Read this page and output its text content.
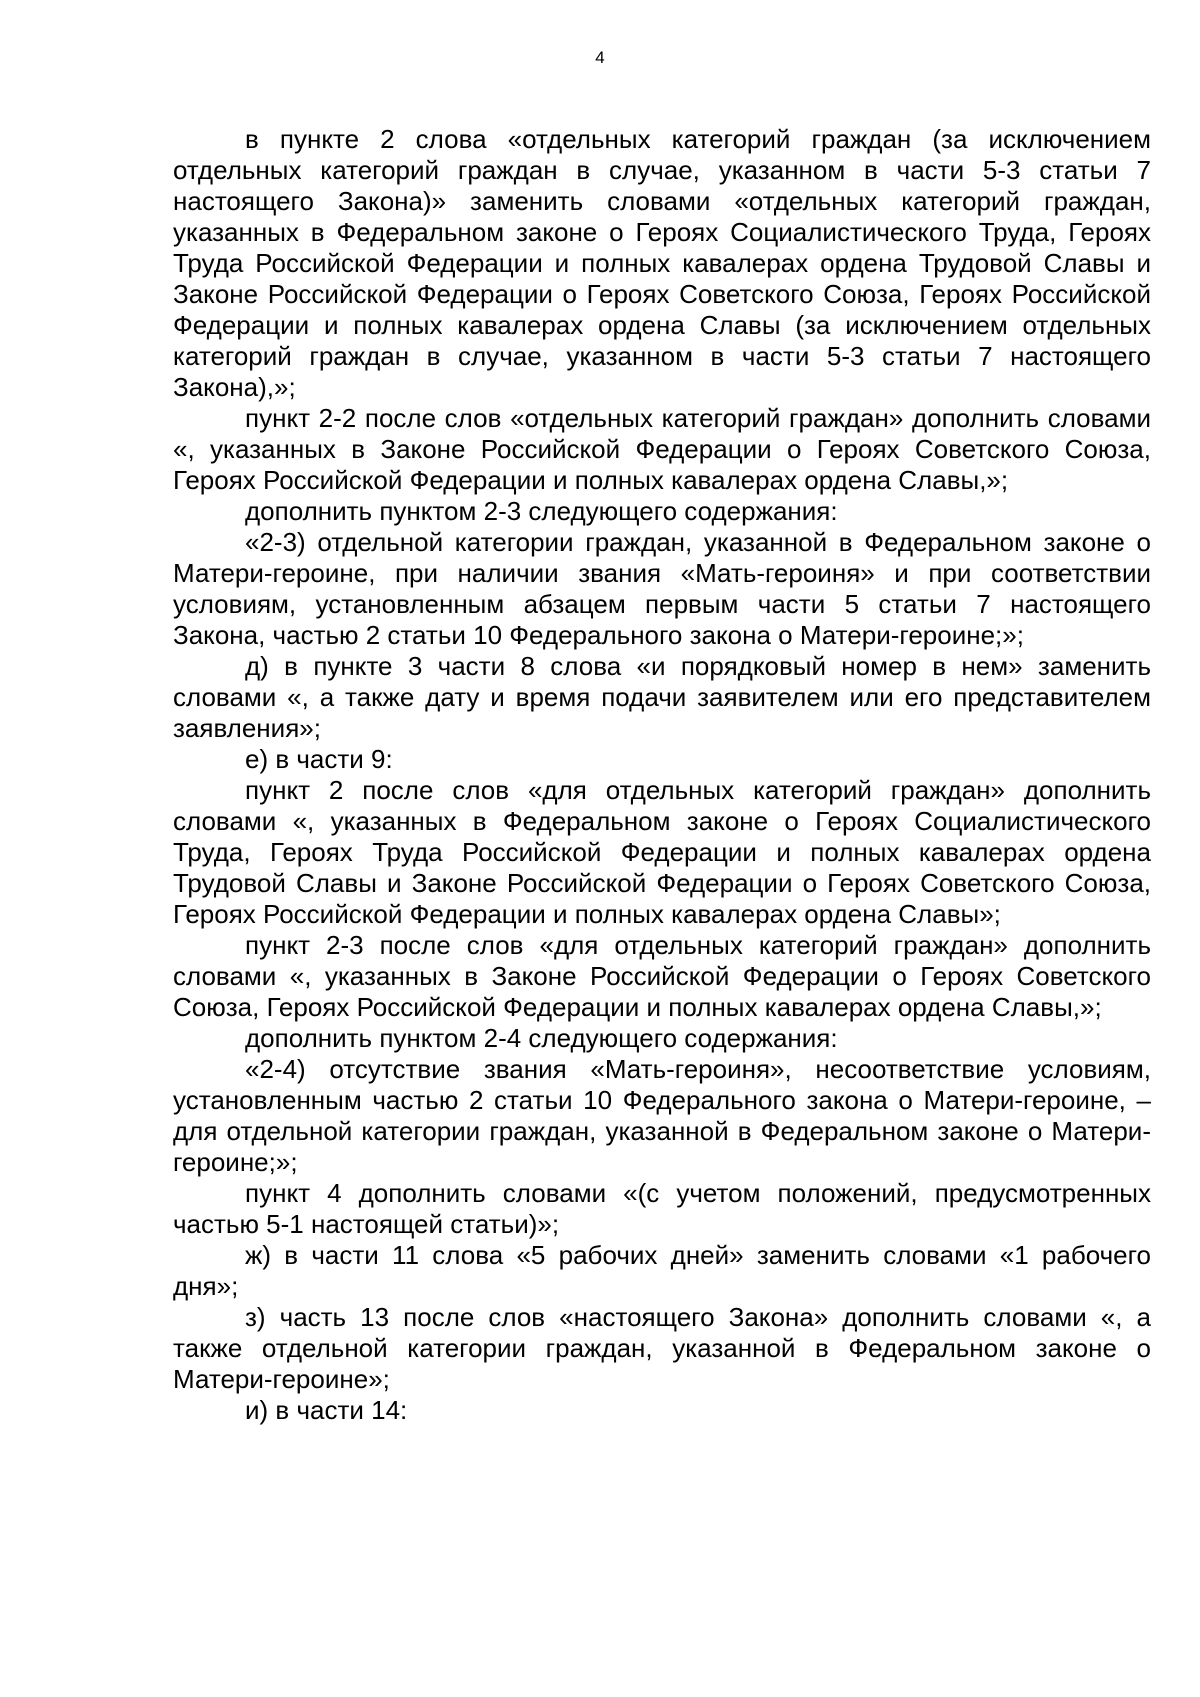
4

в пункте 2 слова «отдельных категорий граждан (за исключением отдельных категорий граждан в случае, указанном в части 5-3 статьи 7 настоящего Закона)» заменить словами «отдельных категорий граждан, указанных в Федеральном законе о Героях Социалистического Труда, Героях Труда Российской Федерации и полных кавалерах ордена Трудовой Славы и Законе Российской Федерации о Героях Советского Союза, Героях Российской Федерации и полных кавалерах ордена Славы (за исключением отдельных категорий граждан в случае, указанном в части 5-3 статьи 7 настоящего Закона),»;

пункт 2-2 после слов «отдельных категорий граждан» дополнить словами «, указанных в Законе Российской Федерации о Героях Советского Союза, Героях Российской Федерации и полных кавалерах ордена Славы,»;

дополнить пунктом 2-3 следующего содержания:

«2-3) отдельной категории граждан, указанной в Федеральном законе о Матери-героине, при наличии звания «Мать-героиня» и при соответствии условиям, установленным абзацем первым части 5 статьи 7 настоящего Закона, частью 2 статьи 10 Федерального закона о Матери-героине;»;

д) в пункте 3 части 8 слова «и порядковый номер в нем» заменить словами «, а также дату и время подачи заявителем или его представителем заявления»;

е) в части 9:

пункт 2 после слов «для отдельных категорий граждан» дополнить словами «, указанных в Федеральном законе о Героях Социалистического Труда, Героях Труда Российской Федерации и полных кавалерах ордена Трудовой Славы и Законе Российской Федерации о Героях Советского Союза, Героях Российской Федерации и полных кавалерах ордена Славы»;

пункт 2-3 после слов «для отдельных категорий граждан» дополнить словами «, указанных в Законе Российской Федерации о Героях Советского Союза, Героях Российской Федерации и полных кавалерах ордена Славы,»;

дополнить пунктом 2-4 следующего содержания:

«2-4) отсутствие звания «Мать-героиня», несоответствие условиям, установленным частью 2 статьи 10 Федерального закона о Матери-героине, – для отдельной категории граждан, указанной в Федеральном законе о Матери-героине;»;

пункт 4 дополнить словами «(с учетом положений, предусмотренных частью 5-1 настоящей статьи)»;

ж) в части 11 слова «5 рабочих дней» заменить словами «1 рабочего дня»;

з) часть 13 после слов «настоящего Закона» дополнить словами «, а также отдельной категории граждан, указанной в Федеральном законе о Матери-героине»;

и) в части 14:
